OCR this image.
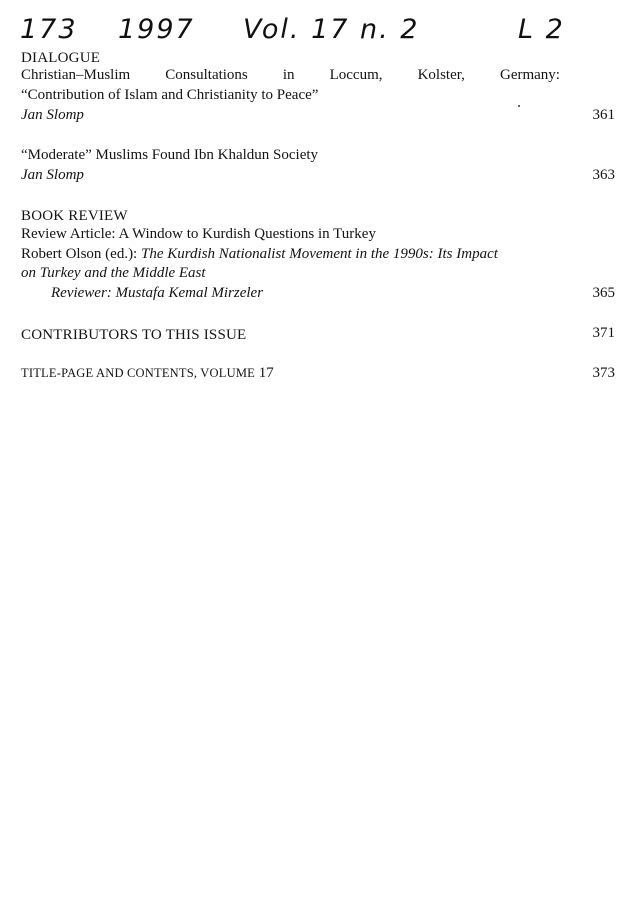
173 1997 Vol. 17 n. 2	L 2
DIALOGUE
Christian–Muslim Consultations in Loccum, Kolster, Germany:
“Contribution of Islam and Christianity to Peace”
Jan Slomp	361
“Moderate” Muslims Found Ibn Khaldun Society
Jan Slomp	363
BOOK REVIEW
Review Article: A Window to Kurdish Questions in Turkey
Robert Olson (ed.): The Kurdish Nationalist Movement in the 1990s: Its Impact
on Turkey and the Middle East
Reviewer: Mustafa Kemal Mirzeler	365
CONTRIBUTORS TO THIS ISSUE	371
TITLE-PAGE AND CONTENTS, VOLUME 17	373
